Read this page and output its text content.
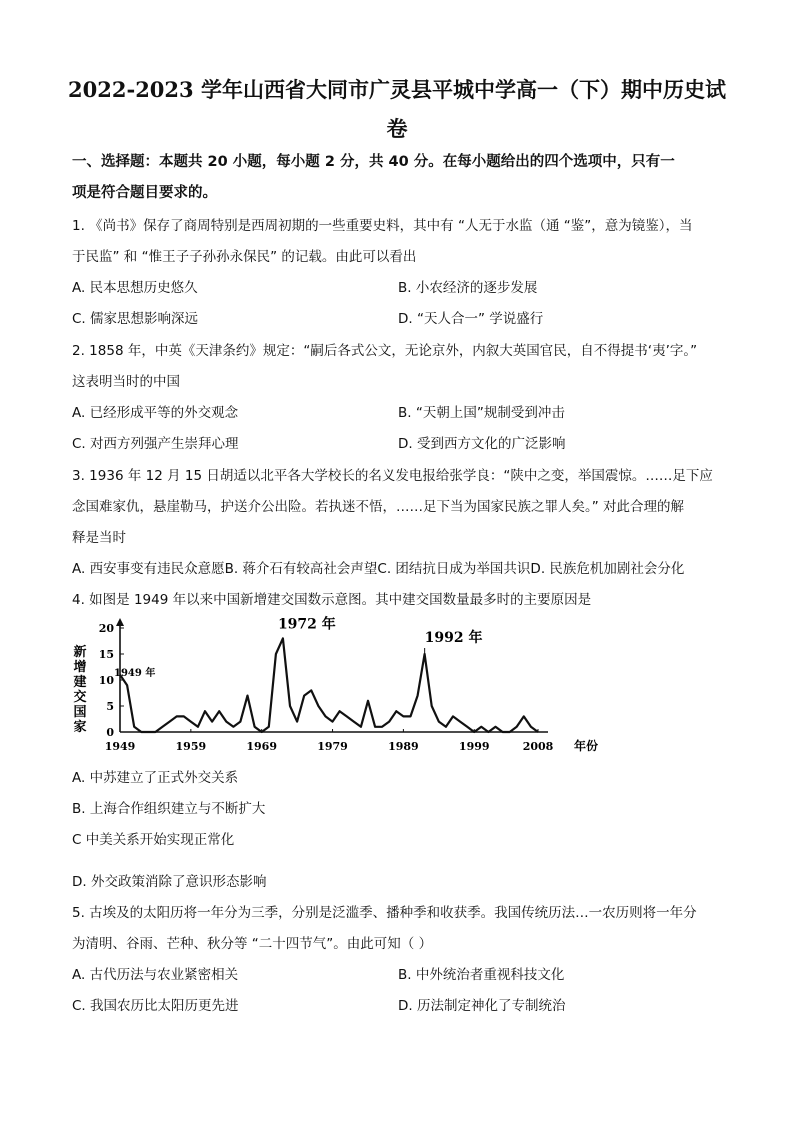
2022-2023 学年山西省大同市广灵县平城中学高一（下）期中历史试
卷
一、选择题：本题共 20 小题，每小题 2 分，共 40 分。在每小题给出的四个选项中，只有一
项是符合题目要求的。
1. 《尚书》保存了商周特别是西周初期的一些重要史料，其中有 “人无于水监（通 “鉴”，意为镜鉴），当
于民监” 和 “惟王子子孙孙永保民” 的记载。由此可以看出
A. 民本思想历史悠久	B. 小农经济的逐步发展
C. 儒家思想影响深远	D. “天人合一” 学说盛行
2. 1858 年，中英《天津条约》规定：“嗣后各式公文，无论京外，内叙大英国官民，自不得提书‘夷’字。”
这表明当时的中国
A. 已经形成平等的外交观念	B. “天朝上国”规制受到冲击
C. 对西方列强产生崇拜心理	D. 受到西方文化的广泛影响
3. 1936 年 12 月 15 日胡适以北平各大学校长的名义发电报给张学良：“陕中之变，举国震惊。……足下应
念国难家仇，悬崖勒马，护送介公出险。若执迷不悟，……足下当为国家民族之罪人矣。” 对此合理的解
释是当时
A. 西安事变有违民众意愿B. 蒋介石有较高社会声望C. 团结抗日成为举国共识D. 民族危机加剧社会分化
4. 如图是 1949 年以来中国新增建交国数示意图。其中建交国数量最多时的主要原因是
0
5
10
15
20
1949	1959	1969	1979	1989	1999	2008 年份
新
增
建
交
国
家
1949 年
1972 年
1992 年
A. 中苏建立了正式外交关系
B. 上海合作组织建立与不断扩大
C 中美关系开始实现正常化
D. 外交政策消除了意识形态影响
5. 古埃及的太阳历将一年分为三季，分别是泛滥季、播种季和收获季。我国传统历法…一农历则将一年分
为清明、谷雨、芒种、秋分等 “二十四节气”。由此可知（ ）
A. 古代历法与农业紧密相关	B. 中外统治者重视科技文化
C. 我国农历比太阳历更先进	D. 历法制定神化了专制统治
